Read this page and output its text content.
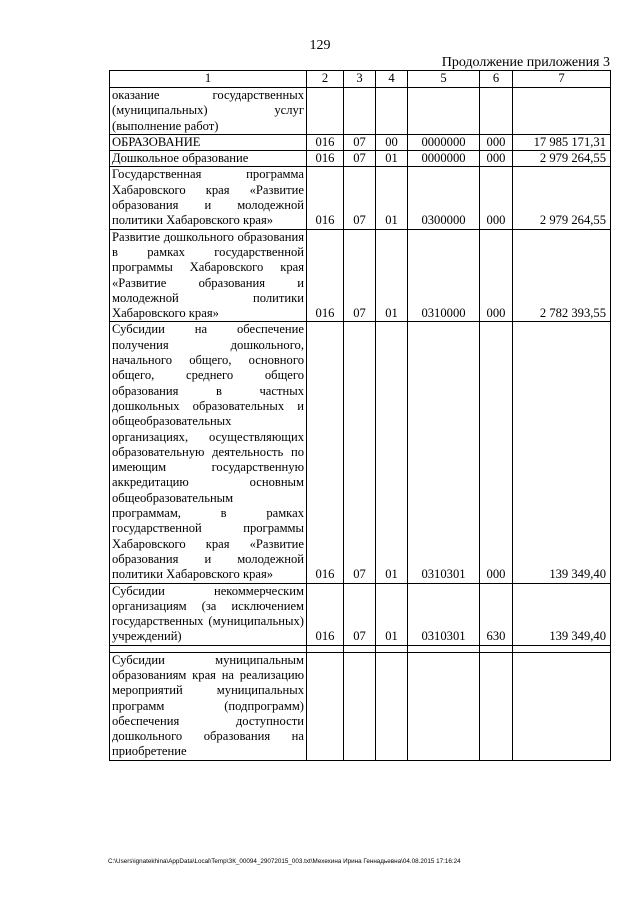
129
Продолжение приложения 3
1	2	3	4	5	6	7
оказание государственных (муниципальных) услуг (выполнение работ)						
ОБРАЗОВАНИЕ	016	07	00	0000000	000	17 985 171,31
Дошкольное образование	016	07	01	0000000	000	2 979 264,55
Государственная программа Хабаровского края «Развитие образования и молодежной политики Хабаровского края»	016	07	01	0300000	000	2 979 264,55
Развитие дошкольного образования в рамках государственной программы Хабаровского края «Развитие образования и молодежной политики Хабаровского края»	016	07	01	0310000	000	2 782 393,55
Субсидии на обеспечение получения дошкольного, начального общего, основного общего, среднего общего образования в частных дошкольных образовательных и общеобразовательных организациях, осуществляющих образовательную деятельность по имеющим государственную аккредитацию основным общеобразовательным программам, в рамках государственной программы Хабаровского края «Развитие образования и молодежной политики Хабаровского края»	016	07	01	0310301	000	139 349,40
Субсидии некоммерческим организациям (за исключением государственных (муниципальных) учреждений)	016	07	01	0310301	630	139 349,40

Субсидии муниципальным образованиям края на реализацию мероприятий муниципальных программ (подпрограмм) обеспечения доступности дошкольного образования на приобретение						
C:\Users\ignatekhina\AppData\Local\Temp\ЗК_00094_29072015_003.txt\Мехехина Ирина Геннадьевна\04.08.2015 17:16:24
